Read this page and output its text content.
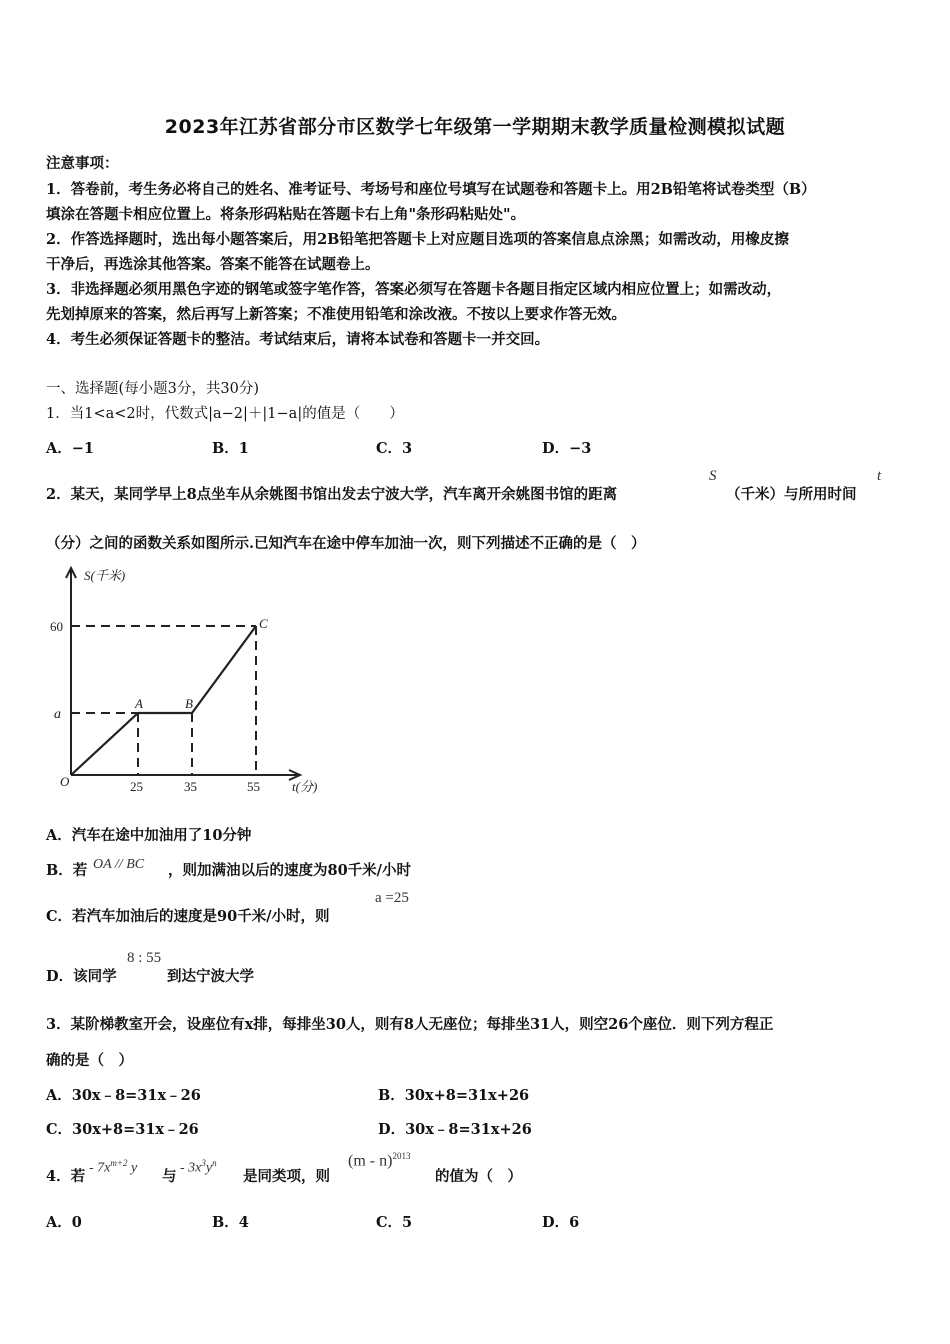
2023年江苏省部分市区数学七年级第一学期期末教学质量检测模拟试题
注意事项：
1．答卷前，考生务必将自己的姓名、准考证号、考场号和座位号填写在试题卷和答题卡上。用2B铅笔将试卷类型（B）
填涂在答题卡相应位置上。将条形码粘贴在答题卡右上角"条形码粘贴处"。
2．作答选择题时，选出每小题答案后，用2B铅笔把答题卡上对应题目选项的答案信息点涂黑；如需改动，用橡皮擦
干净后，再选涂其他答案。答案不能答在试题卷上。
3．非选择题必须用黑色字迹的钢笔或签字笔作答，答案必须写在答题卡各题目指定区域内相应位置上；如需改动，
先划掉原来的答案，然后再写上新答案；不准使用铅笔和涂改液。不按以上要求作答无效。
4．考生必须保证答题卡的整洁。考试结束后，请将本试卷和答题卡一并交回。
一、选择题(每小题3分，共30分)
1．当1<a<2时，代数式|a−2|＋|1−a|的值是（　　）
A．−1	B．1	C．3	D．−3
2．某天，某同学早上8点坐车从余姚图书馆出发去宁波大学，汽车离开余姚图书馆的距离
S
（千米）与所用时间
t
（分）之间的函数关系如图所示.已知汽车在途中停车加油一次，则下列描述不正确的是（　）
S(千米)
60
a
O	25	35	55 t(分)
A	B
C
A．汽车在途中加油用了10分钟
B．若 OA // BC ，则加满油以后的速度为80千米/小时
C．若汽车加油后的速度是90千米/小时，则
a =25
D．该同学
8 : 55
到达宁波大学
3．某阶梯教室开会，设座位有x排，每排坐30人，则有8人无座位；每排坐31人，则空26个座位．则下列方程正
确的是（　）
A．30x﹣8=31x﹣26	B．30x+8=31x+26
C．30x+8=31x﹣26	D．30x﹣8=31x+26
4．若 - $7x^{m+2}$ y 与 - $3x^3y^n$
是同类项，则
(m - n)$^{2013}$
的值为（　）
A．0	B．4	C．5	D．6
